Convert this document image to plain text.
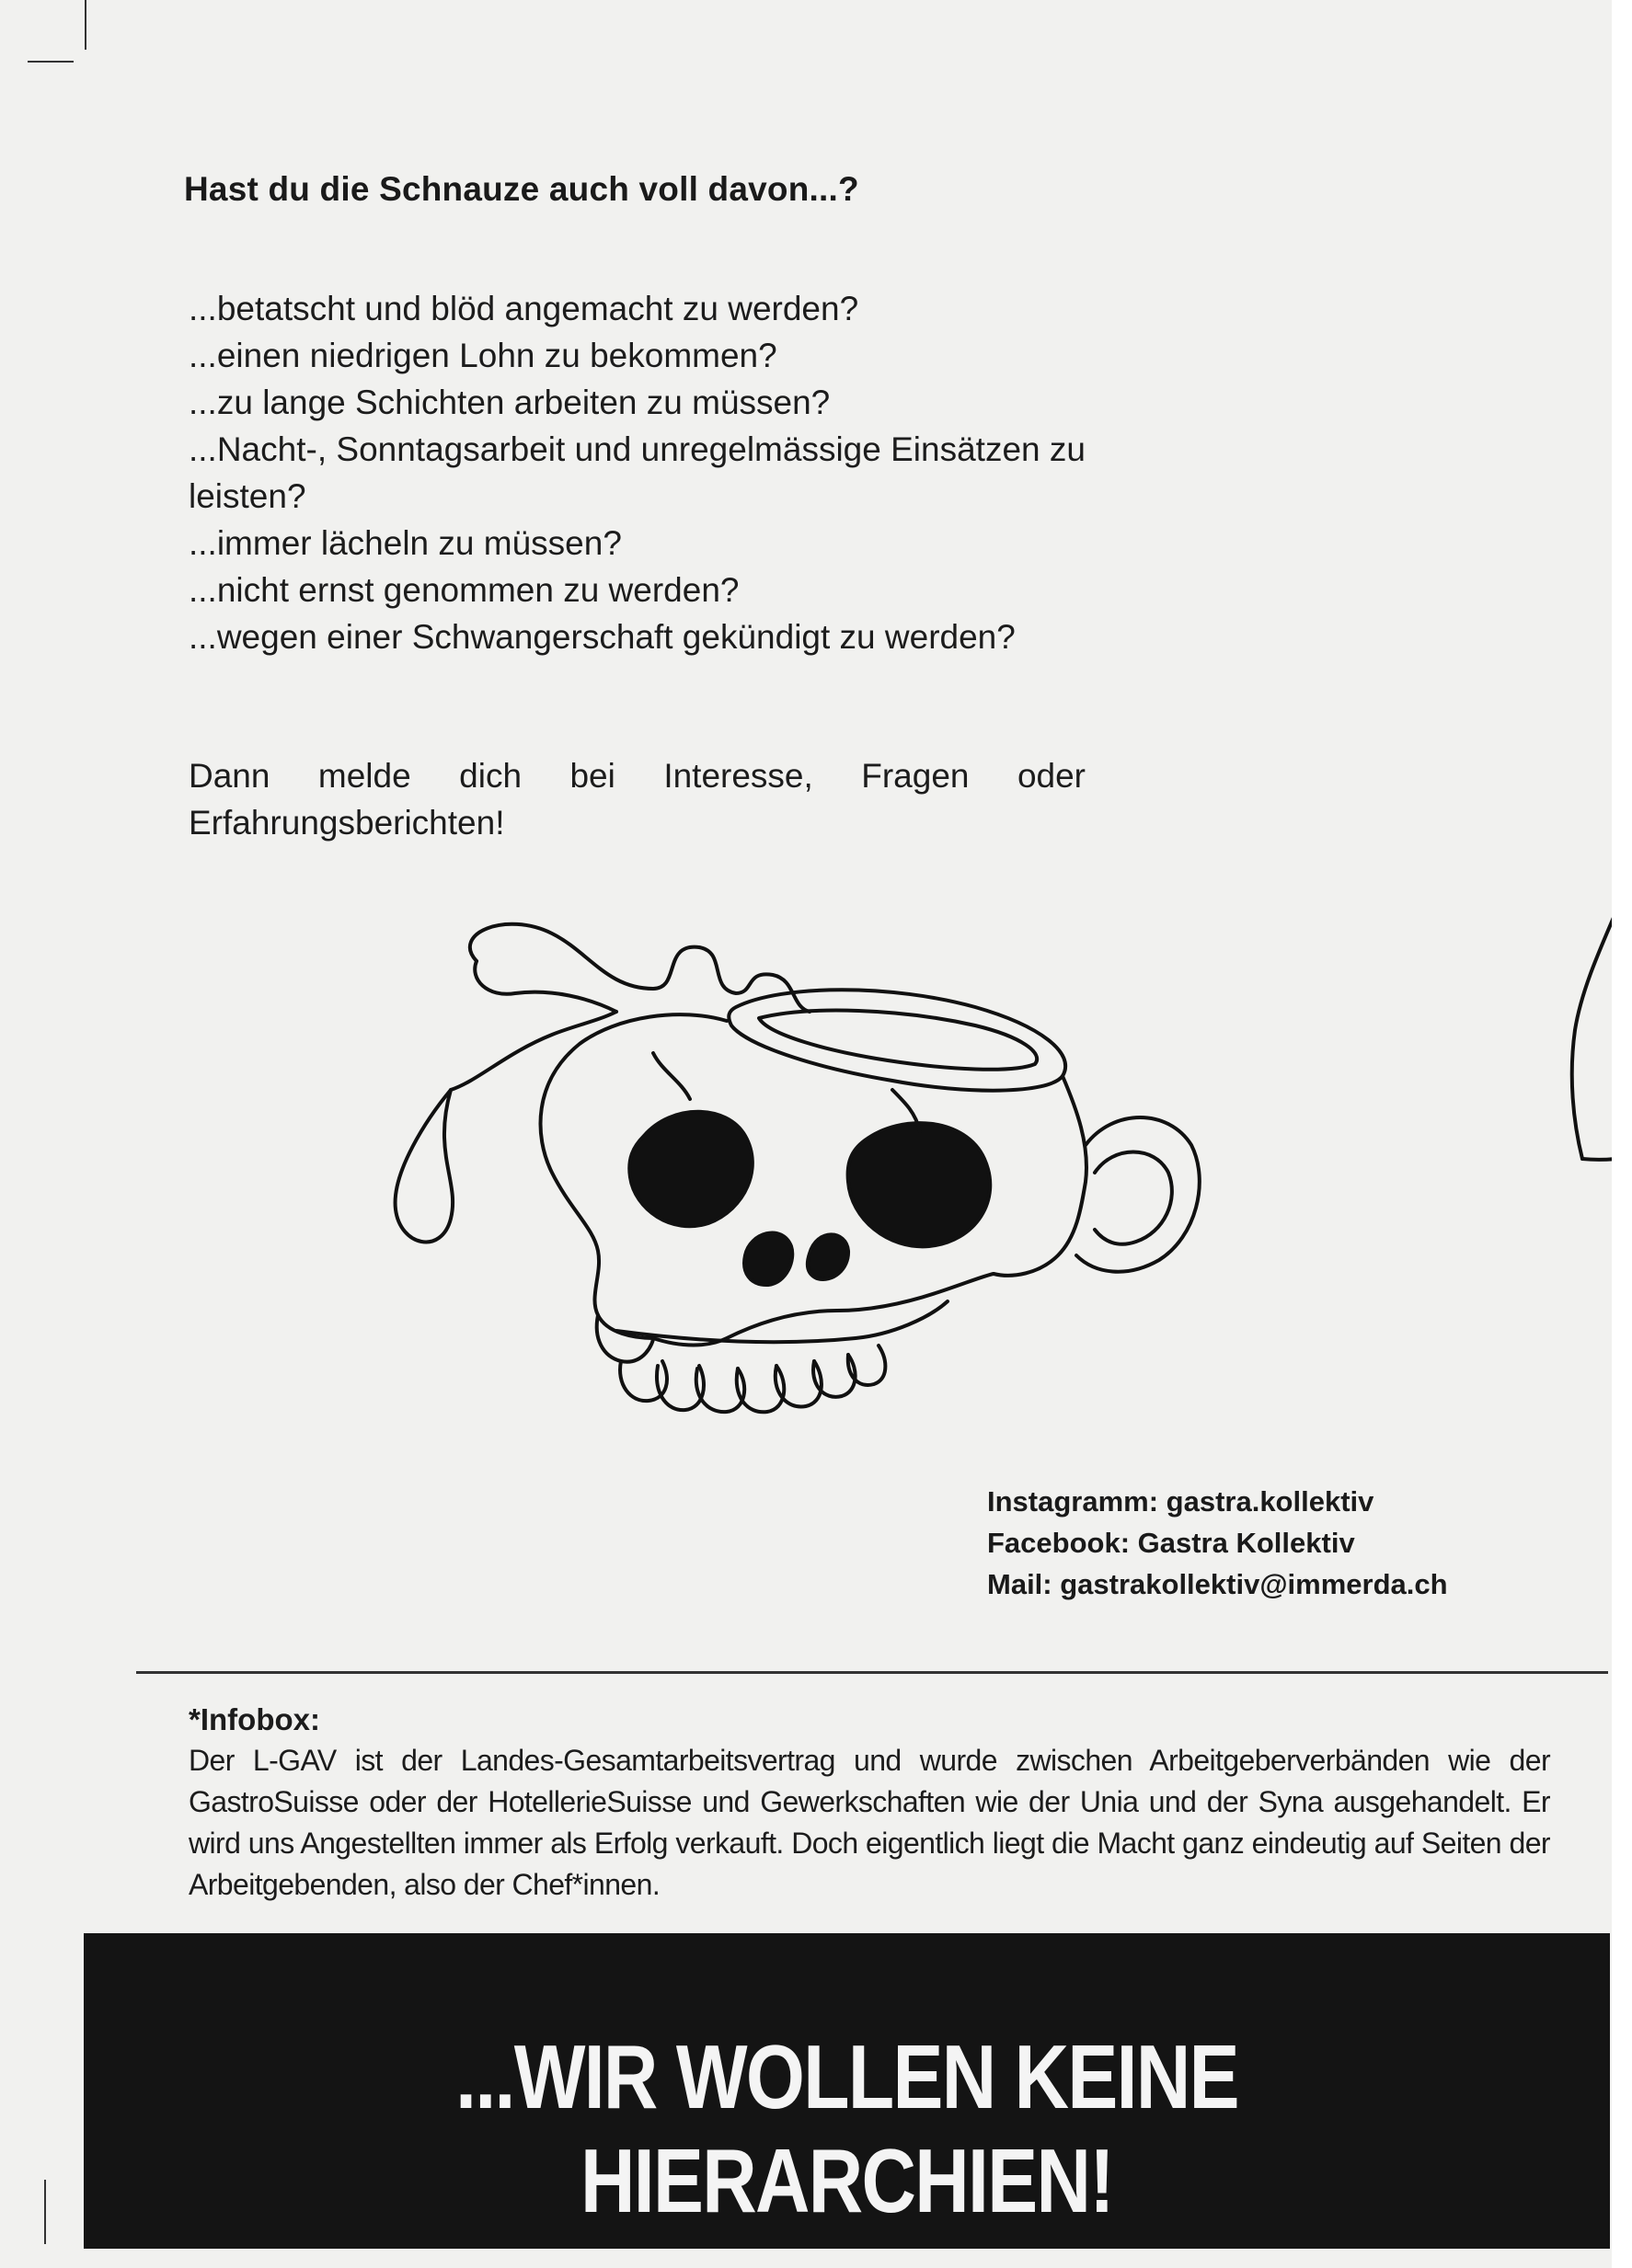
Hast du die Schnauze auch voll davon...?
...betatscht und blöd angemacht zu werden?
...einen niedrigen Lohn zu bekommen?
...zu lange Schichten arbeiten zu müssen?
...Nacht-, Sonntagsarbeit und unregelmässige Einsätzen zu leisten?
...immer lächeln zu müssen?
...nicht ernst genommen zu werden?
...wegen einer Schwangerschaft gekündigt zu werden?

Dann melde dich bei Interesse, Fragen oder Erfahrungsberichten!

Instagramm: gastra.kollektiv
Facebook: Gastra Kollektiv
Mail: gastrakollektiv@immerda.ch
*Infobox:
Der L-GAV ist der Landes-Gesamtarbeitsvertrag und wurde zwischen Arbeitgeberverbänden wie der GastroSuisse oder der HotellerieSuisse und Gewerkschaften wie der Unia und der Syna ausgehandelt. Er wird uns Angestellten immer als Erfolg verkauft. Doch eigentlich liegt die Macht ganz eindeutig auf Seiten der Arbeitgebenden, also der Chef*innen.
...WIR WOLLEN KEINE HIERARCHIEN!
